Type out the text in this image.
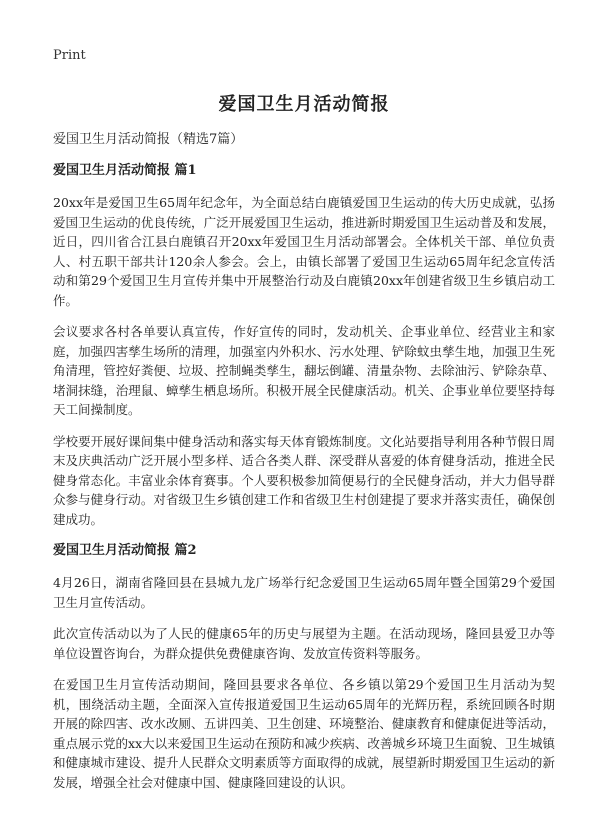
Print
爱国卫生月活动简报

爱国卫生月活动简报（精选7篇）

爱国卫生月活动简报 篇1

20xx年是爱国卫生65周年纪念年，为全面总结白鹿镇爱国卫生运动的传大历史成就，弘扬爱国卫生运动的优良传统，广泛开展爱国卫生运动，推进新时期爱国卫生运动普及和发展，近日，四川省合江县白鹿镇召开20xx年爱国卫生月活动部署会。全体机关干部、单位负责人、村五职干部共计120余人参会。会上，由镇长部署了爱国卫生运动65周年纪念宣传活动和第29个爱国卫生月宣传并集中开展整治行动及白鹿镇20xx年创建省级卫生乡镇启动工作。

会议要求各村各单要认真宣传，作好宣传的同时，发动机关、企事业单位、经营业主和家庭，加强四害孳生场所的清理，加强室内外积水、污水处理、铲除蚊虫孳生地，加强卫生死角清理，管控好粪便、垃圾、控制蝇类孳生，翻坛倒罐、清量杂物、去除油污、铲除杂草、堵洞抹缝，治理鼠、蟑孳生栖息场所。积极开展全民健康活动。机关、企事业单位要坚持每天工间操制度。

学校要开展好课间集中健身活动和落实每天体育锻炼制度。文化站要指导利用各种节假日周末及庆典活动广泛开展小型多样、适合各类人群、深受群从喜爱的体育健身活动，推进全民健身常态化。丰富业余体育赛事。个人要积极参加简便易行的全民健身活动，并大力倡导群众参与健身行动。对省级卫生乡镇创建工作和省级卫生村创建提了要求并落实责任，确保创建成功。

爱国卫生月活动简报 篇2

4月26日，湖南省隆回县在县城九龙广场举行纪念爱国卫生运动65周年暨全国第29个爱国卫生月宣传活动。

此次宣传活动以为了人民的健康65年的历史与展望为主题。在活动现场，隆回县爱卫办等单位设置咨询台，为群众提供免费健康咨询、发放宣传资料等服务。

在爱国卫生月宣传活动期间，隆回县要求各单位、各乡镇以第29个爱国卫生月活动为契机，围绕活动主题，全面深入宣传报道爱国卫生运动65周年的光辉历程，系统回顾各时期开展的除四害、改水改厕、五讲四美、卫生创建、环境整治、健康教育和健康促进等活动，重点展示党的xx大以来爱国卫生运动在预防和减少疾病、改善城乡环境卫生面貌、卫生城镇和健康城市建设、提升人民群众文明素质等方面取得的成就，展望新时期爱国卫生运动的新发展，增强全社会对健康中国、健康隆回建设的认识。
